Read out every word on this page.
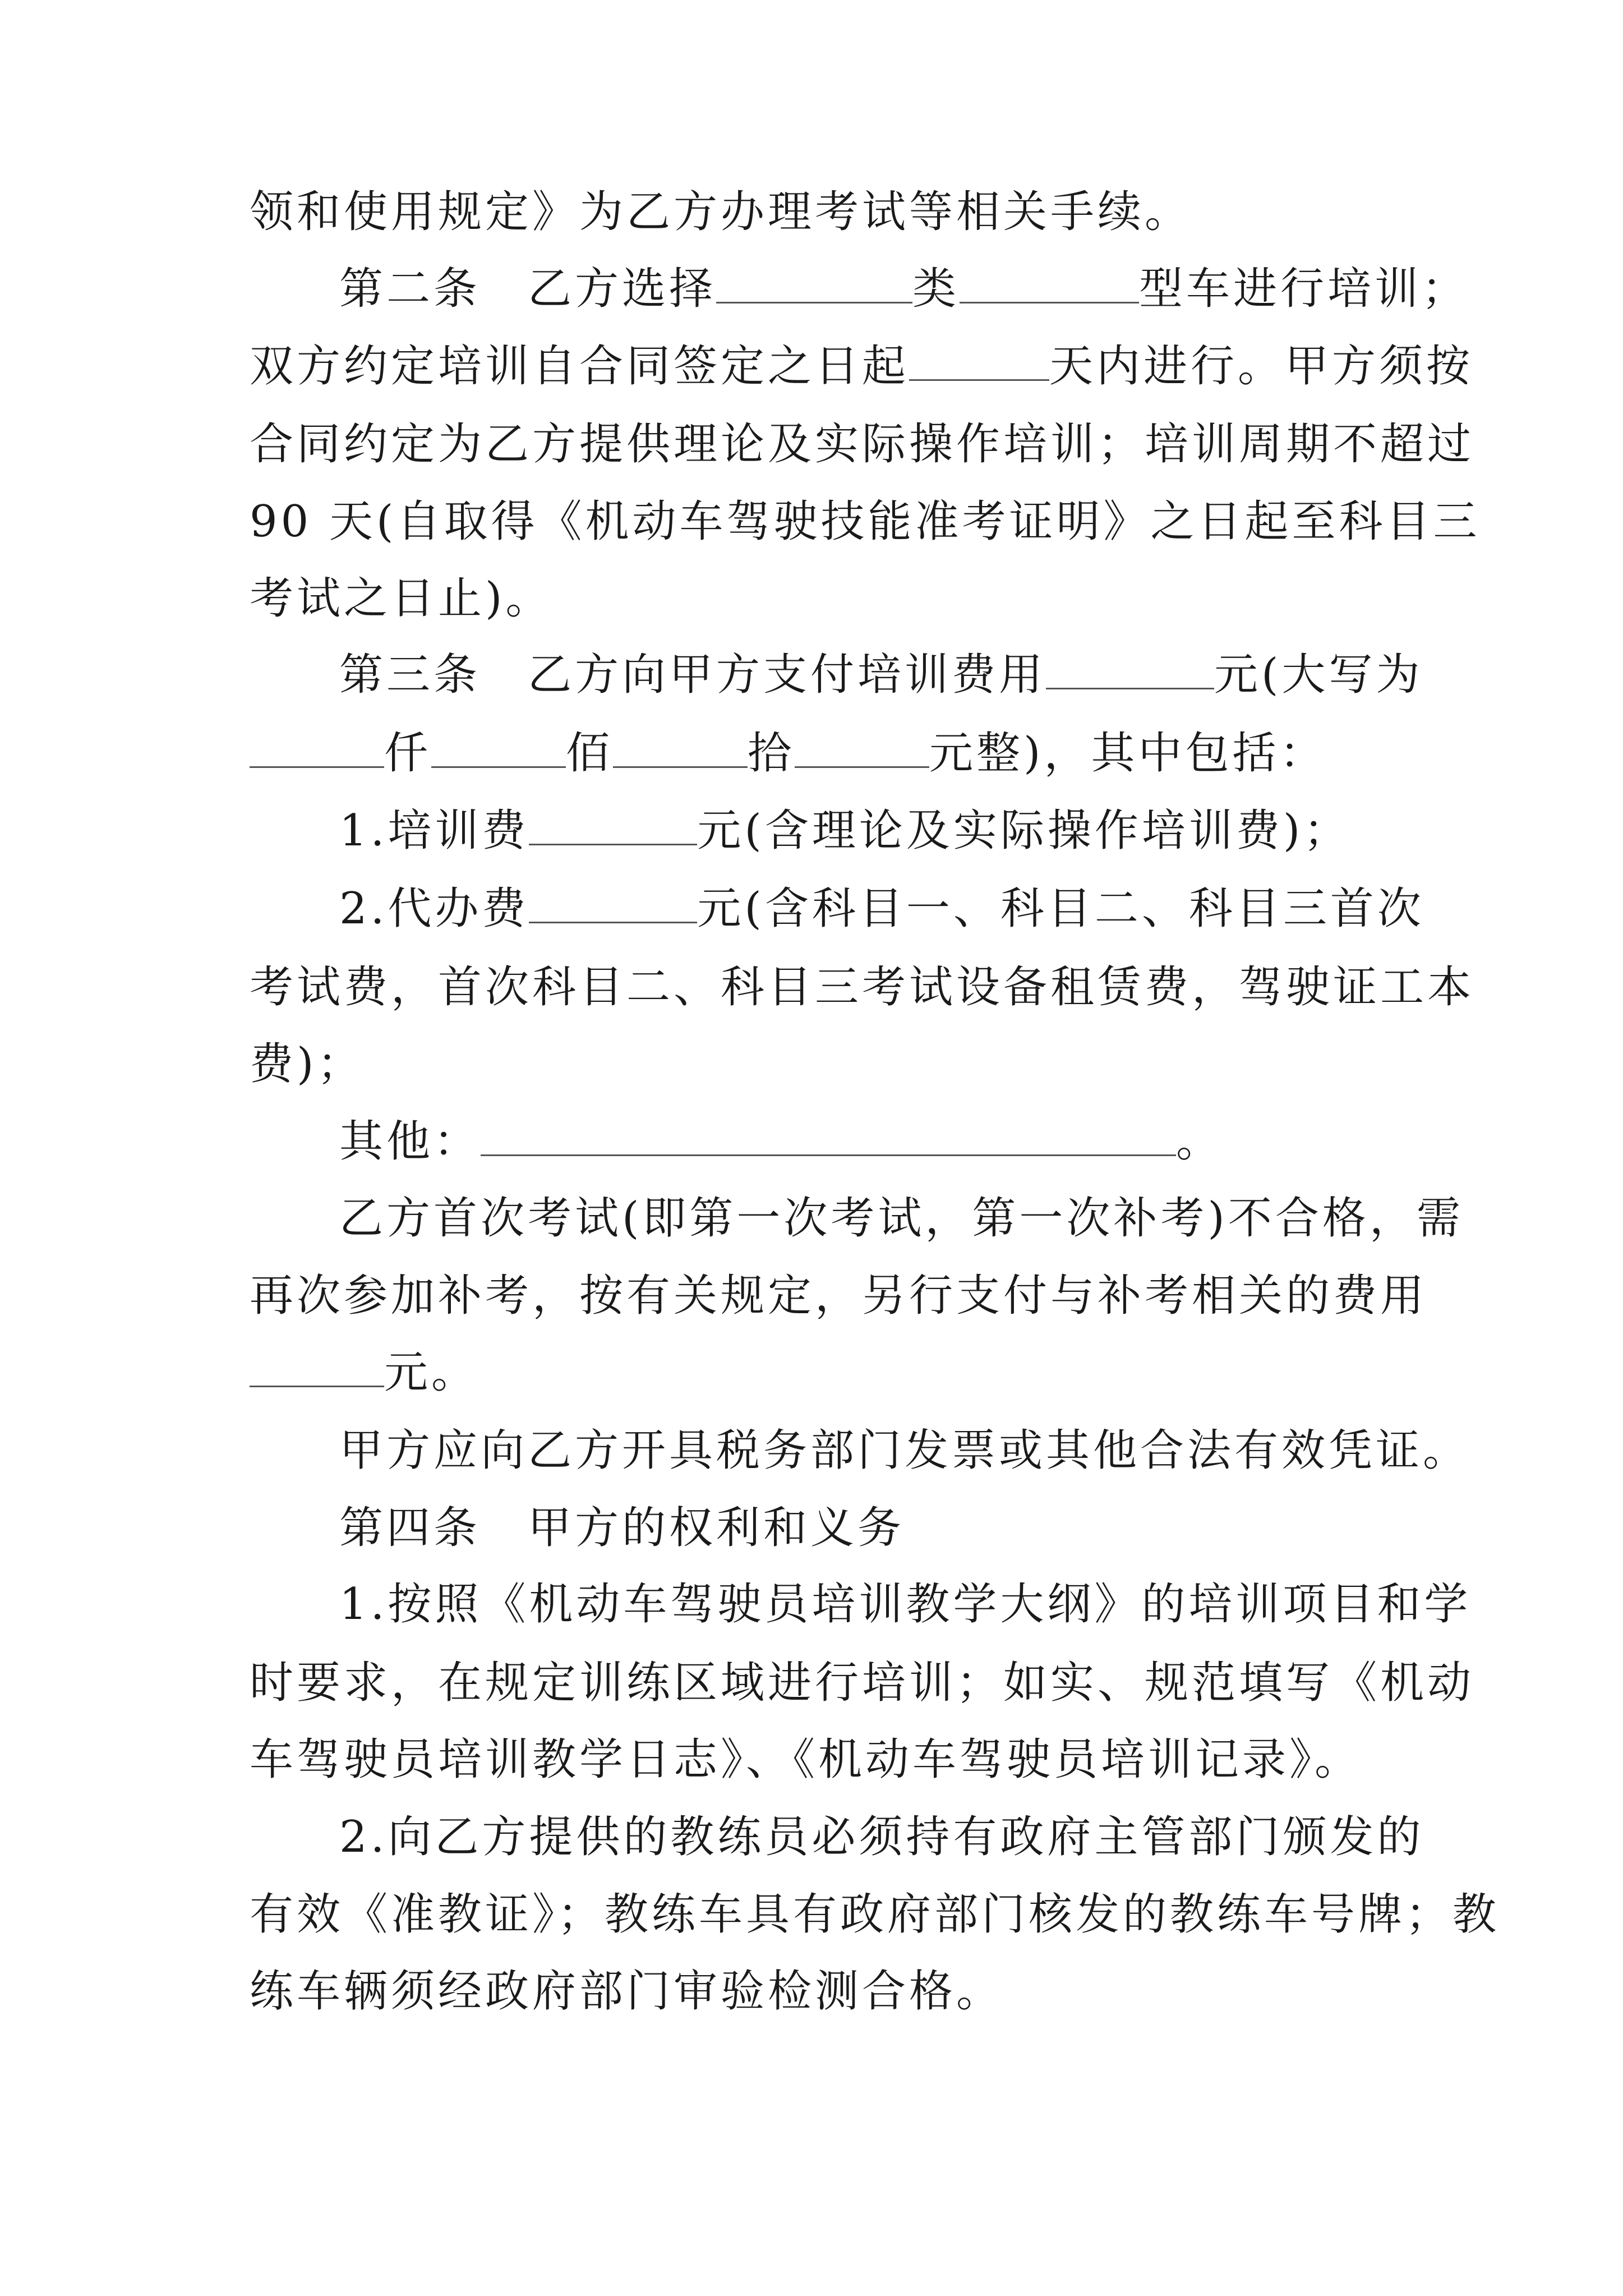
领和使用规定》为乙方办理考试等相关手续。
第二条　乙方选择	类	型车进行培训；
双方约定培训自合同签定之日起	天内进行。甲方须按
合同约定为乙方提供理论及实际操作培训；培训周期不超过
90 天(自取得《机动车驾驶技能准考证明》之日起至科目三
考试之日止)。
第三条　乙方向甲方支付培训费用	元(大写为
仟	佰	拾	元整)，其中包括：
1.培训费	元(含理论及实际操作培训费)；
2.代办费	元(含科目一、科目二、科目三首次
考试费，首次科目二、科目三考试设备租赁费，驾驶证工本
费)；
其他：	。
乙方首次考试(即第一次考试，第一次补考)不合格，需
再次参加补考，按有关规定，另行支付与补考相关的费用
元。
甲方应向乙方开具税务部门发票或其他合法有效凭证。
第四条　甲方的权利和义务
1.按照《机动车驾驶员培训教学大纲》的培训项目和学
时要求，在规定训练区域进行培训；如实、规范填写《机动
车驾驶员培训教学日志》、《机动车驾驶员培训记录》。
2.向乙方提供的教练员必须持有政府主管部门颁发的
有效《准教证》；教练车具有政府部门核发的教练车号牌；教
练车辆须经政府部门审验检测合格。
